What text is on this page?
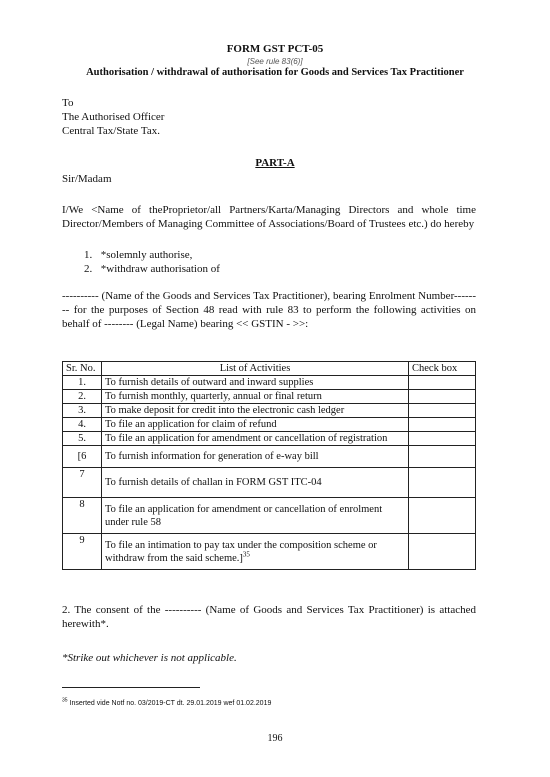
FORM GST PCT-05
[See rule 83(6)]
Authorisation / withdrawal of authorisation for Goods and Services Tax Practitioner
To
The Authorised Officer
Central Tax/State Tax.
PART-A
Sir/Madam
I/We <Name of theProprietor/all Partners/Karta/Managing Directors and whole time Director/Members of Managing Committee of Associations/Board of Trustees etc.) do hereby
1. *solemnly authorise,
2. *withdraw authorisation of
---------- (Name of the Goods and Services Tax Practitioner), bearing Enrolment Number-------- for the purposes of Section 48 read with rule 83 to perform the following activities on behalf of -------- (Legal Name) bearing << GSTIN - >>:
Sr. No.	List of Activities	Check box
1.	To furnish details of outward and inward supplies	
2.	To furnish monthly, quarterly, annual or final return	
3.	To make deposit for credit into the electronic cash ledger	
4.	To file an application for claim of refund	
5.	To file an application for amendment or cancellation of registration	
[6	To furnish information for generation of e-way bill	
7	To furnish details of challan in FORM GST ITC-04	
8	To file an application for amendment or cancellation of enrolment under rule 58	
9	To file an intimation to pay tax under the composition scheme or withdraw from the said scheme.]$^{35}$	
2. The consent of the ---------- (Name of Goods and Services Tax Practitioner) is attached herewith*.
*Strike out whichever is not applicable.
$^{35}$ Inserted vide Notf no. 03/2019-CT dt. 29.01.2019 wef 01.02.2019
196
